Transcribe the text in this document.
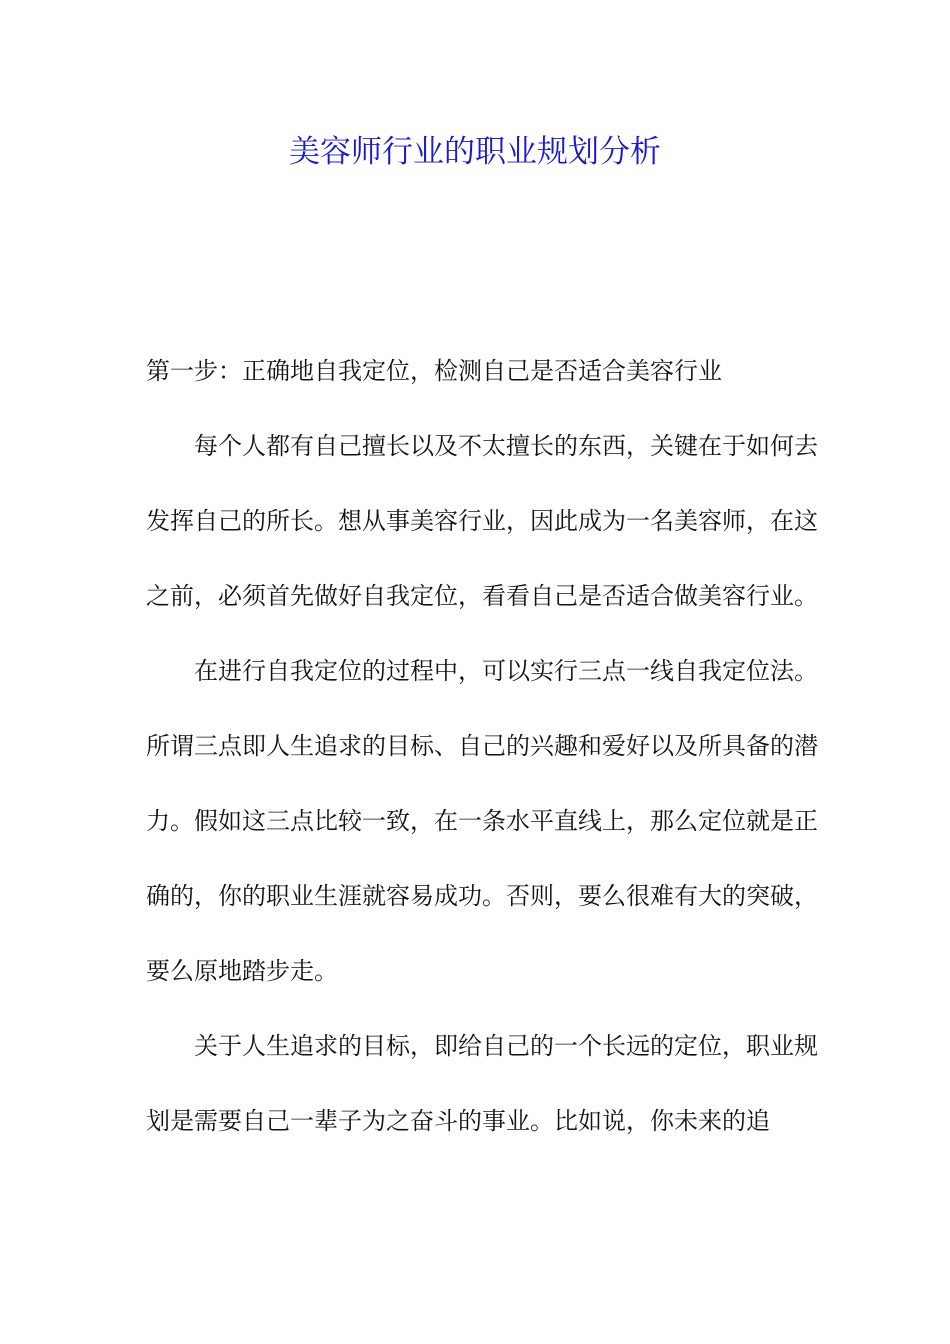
美容师行业的职业规划分析

第一步：正确地自我定位，检测自己是否适合美容行业

每个人都有自己擅长以及不太擅长的东西，关键在于如何去发挥自己的所长。想从事美容行业，因此成为一名美容师，在这之前，必须首先做好自我定位，看看自己是否适合做美容行业。

在进行自我定位的过程中，可以实行三点一线自我定位法。所谓三点即人生追求的目标、自己的兴趣和爱好以及所具备的潜力。假如这三点比较一致，在一条水平直线上，那么定位就是正确的，你的职业生涯就容易成功。否则，要么很难有大的突破，要么原地踏步走。

关于人生追求的目标，即给自己的一个长远的定位，职业规划是需要自己一辈子为之奋斗的事业。比如说，你未来的追
